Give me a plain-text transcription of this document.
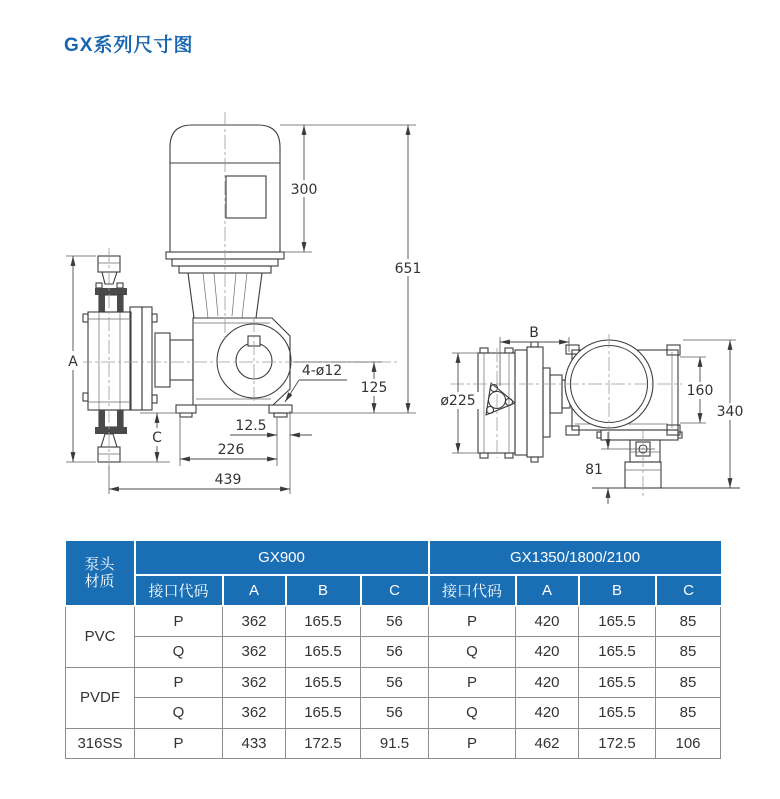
GX系列尺寸图
A
C
300
651
125
4-ø12
12.5
226
439
B
ø225
160
340
81
泵头
材质	GX900				GX1350/1800/2100			
	接口代码	A	B	C	接口代码	A	B	C
PVC	P	362	165.5	56	P	420	165.5	85
	Q	362	165.5	56	Q	420	165.5	85
PVDF	P	362	165.5	56	P	420	165.5	85
	Q	362	165.5	56	Q	420	165.5	85
316SS	P	433	172.5	91.5	P	462	172.5	106
